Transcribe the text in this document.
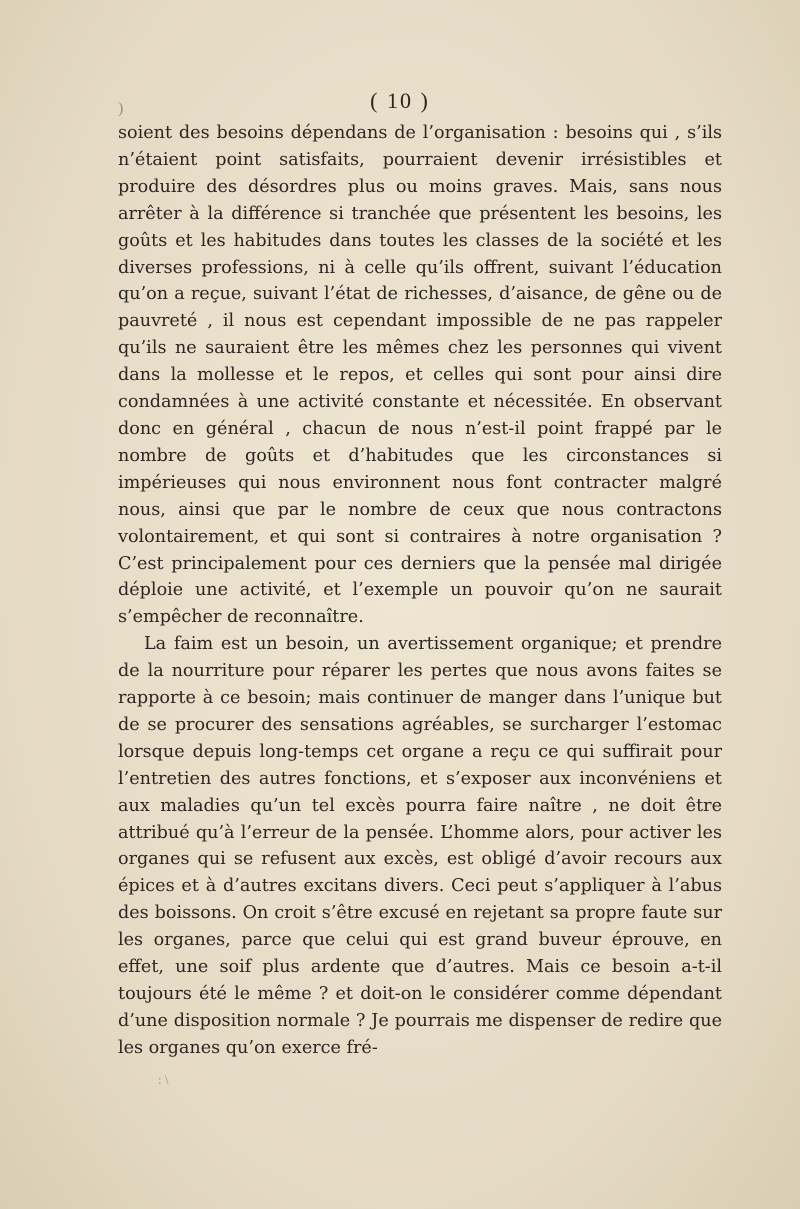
( 10 )

soient des besoins dépendans de l’organisation : besoins qui , s’ils n’étaient point satisfaits, pourraient devenir irrésistibles et produire des désordres plus ou moins graves. Mais, sans nous arrêter à la différence si tranchée que présentent les besoins, les goûts et les habitudes dans toutes les classes de la société et les diverses professions, ni à celle qu’ils offrent, suivant l’éducation qu’on a reçue, suivant l’état de richesses, d’aisance, de gêne ou de pauvreté , il nous est cependant impossible de ne pas rappeler qu’ils ne sauraient être les mêmes chez les personnes qui vivent dans la mollesse et le repos, et celles qui sont pour ainsi dire condamnées à une activité constante et nécessitée. En observant donc en général , chacun de nous n’est-il point frappé par le nombre de goûts et d’habitudes que les circonstances si impérieuses qui nous environnent nous font contracter malgré nous, ainsi que par le nombre de ceux que nous contractons volontairement, et qui sont si contraires à notre organisation ? C’est principalement pour ces derniers que la pensée mal dirigée déploie une activité, et l’exemple un pouvoir qu’on ne saurait s’empêcher de reconnaître.

La faim est un besoin, un avertissement organique; et prendre de la nourriture pour réparer les pertes que nous avons faites se rapporte à ce besoin; mais continuer de manger dans l’unique but de se procurer des sensations agréables, se surcharger l’estomac lorsque depuis long-temps cet organe a reçu ce qui suffirait pour l’entretien des autres fonctions, et s’exposer aux inconvéniens et aux maladies qu’un tel excès pourra faire naître , ne doit être attribué qu’à l’erreur de la pensée. L’homme alors, pour activer les organes qui se refusent aux excès, est obligé d’avoir recours aux épices et à d’autres excitans divers. Ceci peut s’appliquer à l’abus des boissons. On croit s’être excusé en rejetant sa propre faute sur les organes, parce que celui qui est grand buveur éprouve, en effet, une soif plus ardente que d’autres. Mais ce besoin a-t-il toujours été le même ? et doit-on le considérer comme dépendant d’une disposition normale ? Je pourrais me dispenser de redire que les organes qu’on exerce fré-

)
: \
